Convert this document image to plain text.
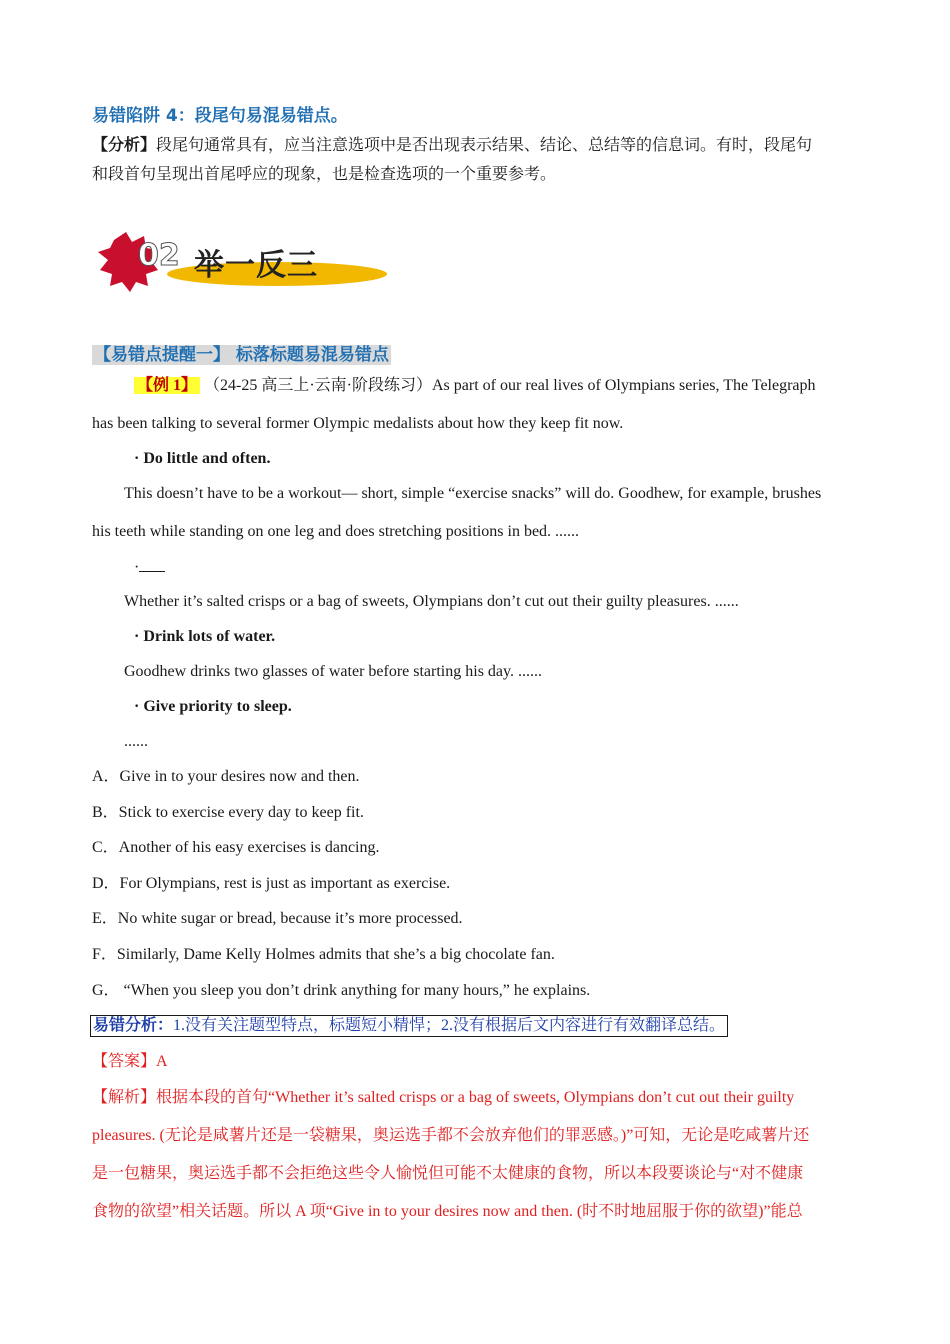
易错陷阱 4：段尾句易混易错点。
【分析】段尾句通常具有，应当注意选项中是否出现表示结果、结论、总结等的信息词。有时，段尾句
和段首句呈现出首尾呼应的现象，也是检查选项的一个重要参考。
02 举一反三
【易错点提醒一】 标落标题易混易错点
【例 1】 （24-25 高三上·云南·阶段练习）As part of our real lives of Olympians series, The Telegraph
has been talking to several former Olympic medalists about how they keep fit now.
· Do little and often.
This doesn’t have to be a workout— short, simple “exercise snacks” will do. Goodhew, for example, brushes
his teeth while standing on one leg and does stretching positions in bed. ......
·
Whether it’s salted crisps or a bag of sweets, Olympians don’t cut out their guilty pleasures. ......
· Drink lots of water.
Goodhew drinks two glasses of water before starting his day. ......
· Give priority to sleep.
......
A．Give in to your desires now and then.
B．Stick to exercise every day to keep fit.
C．Another of his easy exercises is dancing.
D．For Olympians, rest is just as important as exercise.
E．No white sugar or bread, because it’s more processed.
F．Similarly, Dame Kelly Holmes admits that she’s a big chocolate fan.
G． “When you sleep you don’t drink anything for many hours,” he explains.
易错分析：1.没有关注题型特点，标题短小精悍；2.没有根据后文内容进行有效翻译总结。
【答案】A
【解析】根据本段的首句“Whether it’s salted crisps or a bag of sweets, Olympians don’t cut out their guilty
pleasures. (无论是咸薯片还是一袋糖果，奥运选手都不会放弃他们的罪恶感。)”可知，无论是吃咸薯片还
是一包糖果，奥运选手都不会拒绝这些令人愉悦但可能不太健康的食物，所以本段要谈论与“对不健康
食物的欲望”相关话题。所以 A 项“Give in to your desires now and then. (时不时地屈服于你的欲望)”能总
